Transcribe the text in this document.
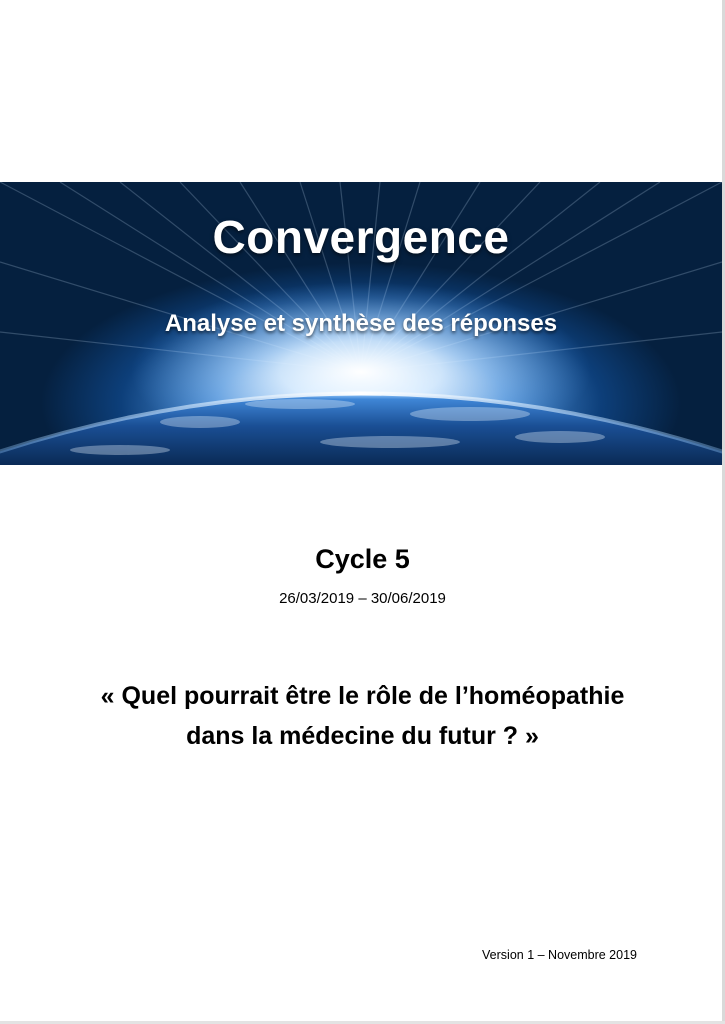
Convergence
Analyse et synthèse des réponses
Cycle 5
26/03/2019 – 30/06/2019
« Quel pourrait être le rôle de l’homéopathie
dans la médecine du futur ? »
Version 1 – Novembre 2019
